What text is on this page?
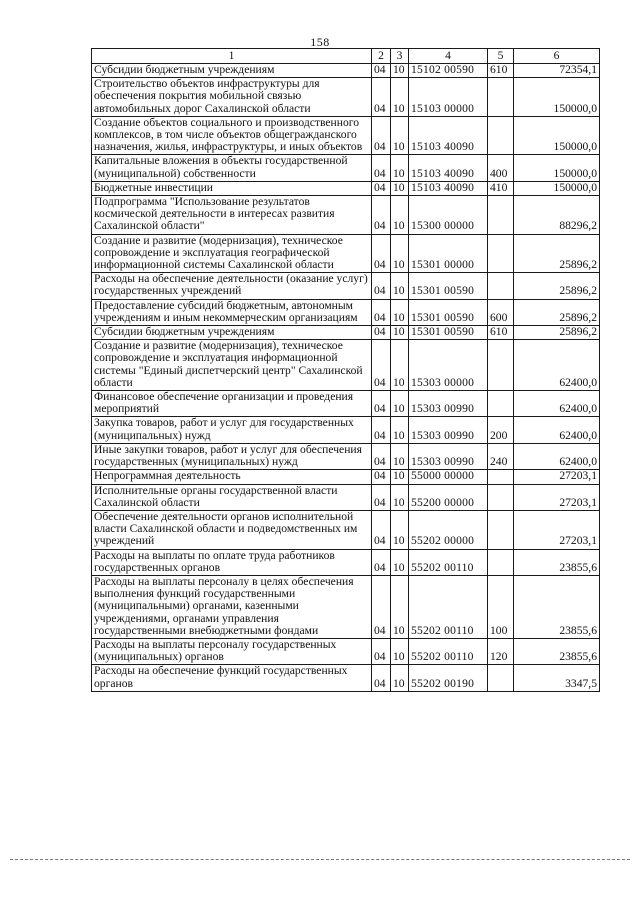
158
1	2	3	4	5	6
Субсидии бюджетным учреждениям	04	10	15102 00590	610	72354,1
Строительство объектов инфраструктуры для обеспечения покрытия мобильной связью автомобильных дорог Сахалинской области	04	10	15103 00000		150000,0
Создание объектов социального и производственного комплексов, в том числе объектов общегражданского назначения, жилья, инфраструктуры, и иных объектов	04	10	15103 40090		150000,0
Капитальные вложения в объекты государственной (муниципальной) собственности	04	10	15103 40090	400	150000,0
Бюджетные инвестиции	04	10	15103 40090	410	150000,0
Подпрограмма "Использование результатов космической деятельности в интересах развития Сахалинской области"	04	10	15300 00000		88296,2
Создание и развитие (модернизация), техническое сопровождение и эксплуатация географической информационной системы Сахалинской области	04	10	15301 00000		25896,2
Расходы на обеспечение деятельности (оказание услуг) государственных учреждений	04	10	15301 00590		25896,2
Предоставление субсидий бюджетным, автономным учреждениям и иным некоммерческим организациям	04	10	15301 00590	600	25896,2
Субсидии бюджетным учреждениям	04	10	15301 00590	610	25896,2
Создание и развитие (модернизация), техническое сопровождение и эксплуатация информационной системы "Единый диспетчерский центр" Сахалинской области	04	10	15303 00000		62400,0
Финансовое обеспечение организации и проведения мероприятий	04	10	15303 00990		62400,0
Закупка товаров, работ и услуг для государственных (муниципальных) нужд	04	10	15303 00990	200	62400,0
Иные закупки товаров, работ и услуг для обеспечения государственных (муниципальных) нужд	04	10	15303 00990	240	62400,0
Непрограммная деятельность	04	10	55000 00000		27203,1
Исполнительные органы государственной власти Сахалинской области	04	10	55200 00000		27203,1
Обеспечение деятельности органов исполнительной власти Сахалинской области и подведомственных им учреждений	04	10	55202 00000		27203,1
Расходы на выплаты по оплате труда работников государственных органов	04	10	55202 00110		23855,6
Расходы на выплаты персоналу в целях обеспечения выполнения функций государственными (муниципальными) органами, казенными учреждениями, органами управления государственными внебюджетными фондами	04	10	55202 00110	100	23855,6
Расходы на выплаты персоналу государственных (муниципальных) органов	04	10	55202 00110	120	23855,6
Расходы на обеспечение функций государственных органов	04	10	55202 00190		3347,5
